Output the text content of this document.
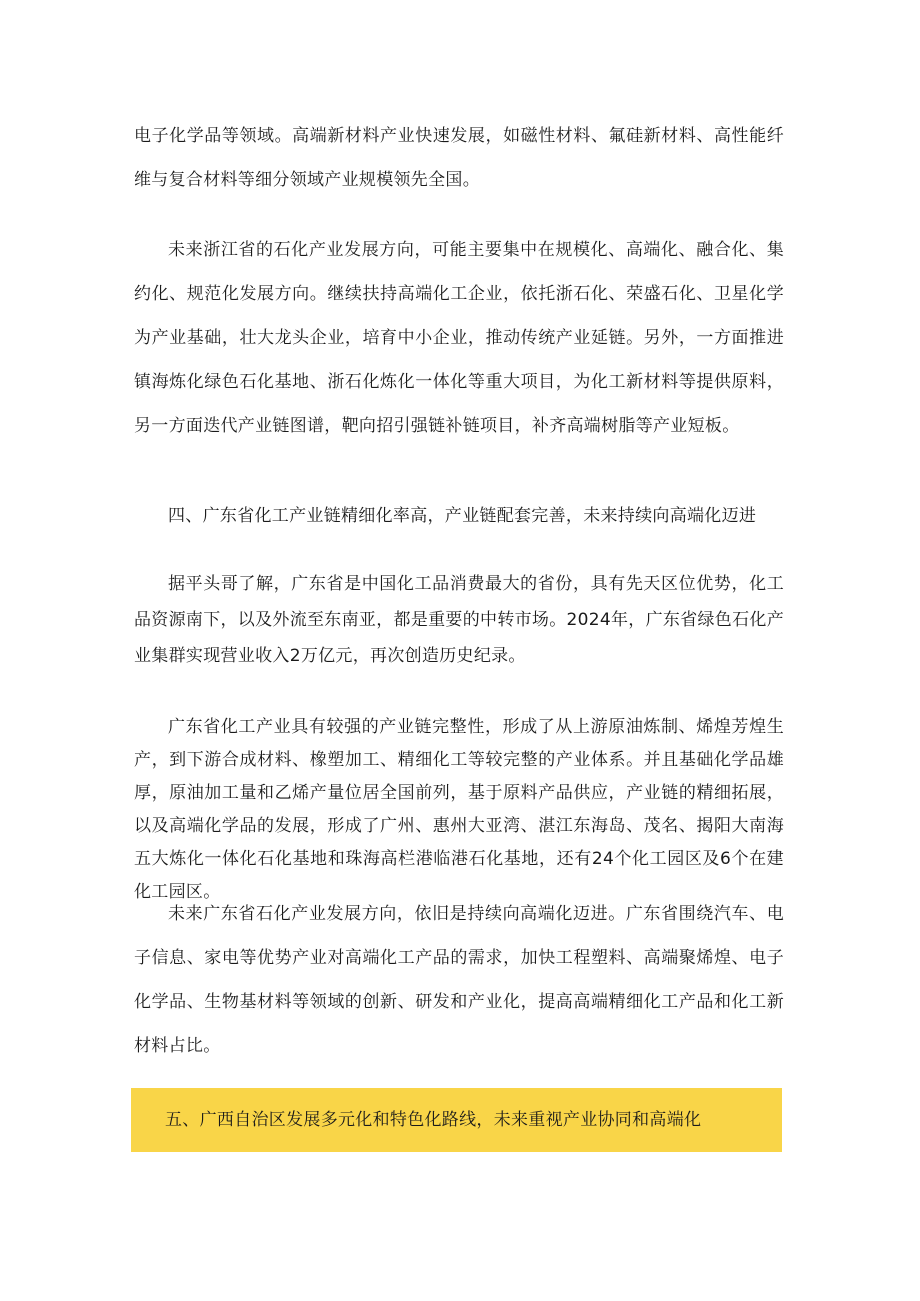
电子化学品等领域。高端新材料产业快速发展，如磁性材料、氟硅新材料、高性能纤维与复合材料等细分领域产业规模领先全国。

未来浙江省的石化产业发展方向，可能主要集中在规模化、高端化、融合化、集约化、规范化发展方向。继续扶持高端化工企业，依托浙石化、荣盛石化、卫星化学为产业基础，壮大龙头企业，培育中小企业，推动传统产业延链。另外，一方面推进镇海炼化绿色石化基地、浙石化炼化一体化等重大项目，为化工新材料等提供原料，另一方面迭代产业链图谱，靶向招引强链补链项目，补齐高端树脂等产业短板。

四、广东省化工产业链精细化率高，产业链配套完善，未来持续向高端化迈进

据平头哥了解，广东省是中国化工品消费最大的省份，具有先天区位优势，化工品资源南下，以及外流至东南亚，都是重要的中转市场。2024年，广东省绿色石化产业集群实现营业收入2万亿元，再次创造历史纪录。

广东省化工产业具有较强的产业链完整性，形成了从上游原油炼制、烯煌芳煌生产，到下游合成材料、橡塑加工、精细化工等较完整的产业体系。并且基础化学品雄厚，原油加工量和乙烯产量位居全国前列，基于原料产品供应，产业链的精细拓展，以及高端化学品的发展，形成了广州、惠州大亚湾、湛江东海岛、茂名、揭阳大南海五大炼化一体化石化基地和珠海高栏港临港石化基地，还有24个化工园区及6个在建化工园区。

未来广东省石化产业发展方向，依旧是持续向高端化迈进。广东省围绕汽车、电子信息、家电等优势产业对高端化工产品的需求，加快工程塑料、高端聚烯煌、电子化学品、生物基材料等领域的创新、研发和产业化，提高高端精细化工产品和化工新材料占比。

五、广西自治区发展多元化和特色化路线，未来重视产业协同和高端化
